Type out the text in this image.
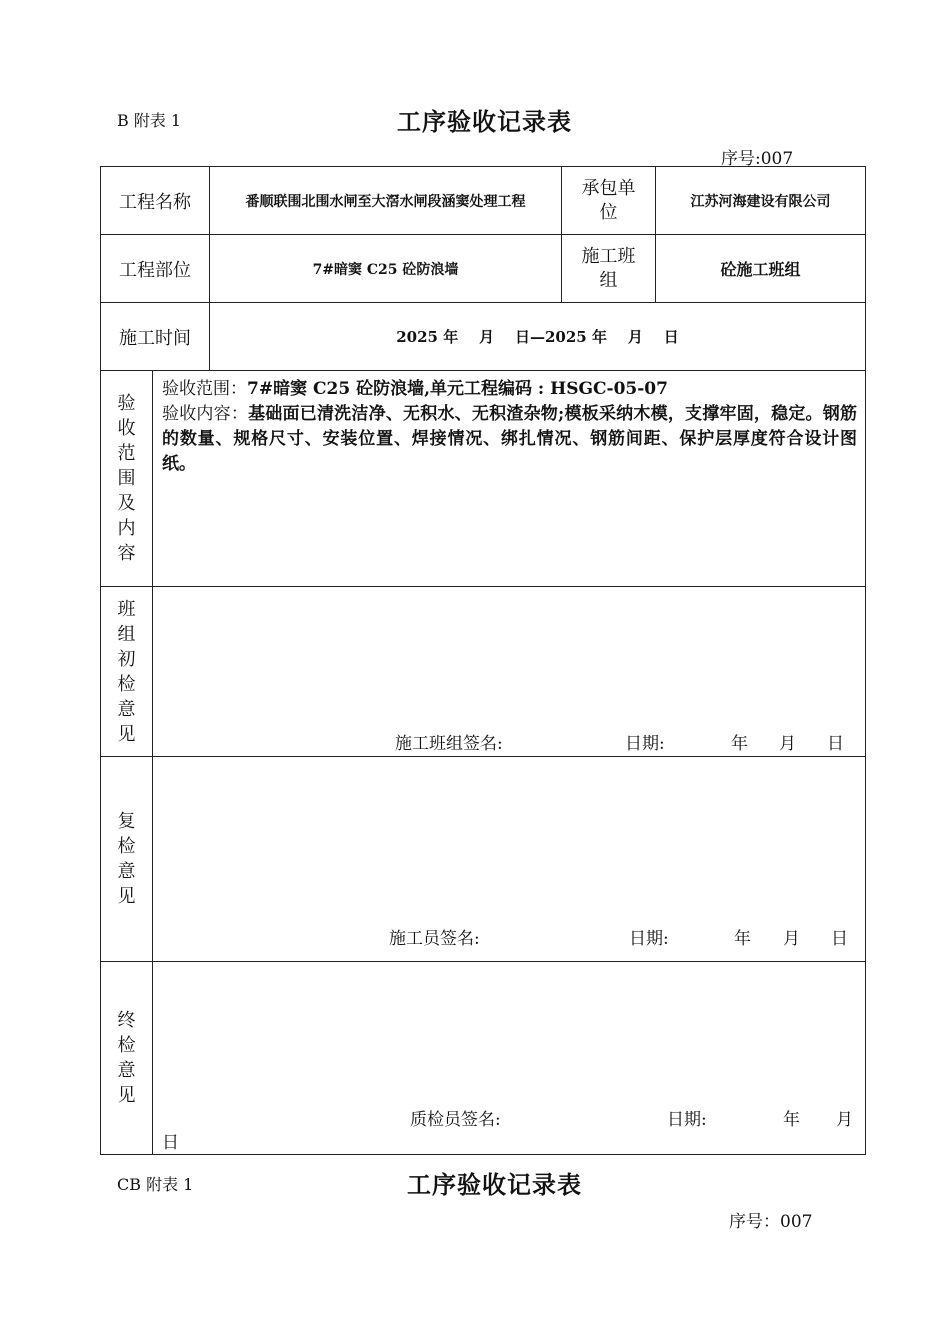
B 附表 1	工序验收记录表
序号:007
工程名称		番顺联围北围水闸至大滘水闸段涵窦处理工程	承包单位	江苏河海建设有限公司
工程部位		7#暗窦 C25 砼防浪墙	施工班组	砼施工班组
施工时间		2025 年    月    日—2025 年    月    日		

验收范围及内容	验收范围：7#暗窦 C25 砼防浪墙,单元工程编码 : HSGC-05-07
验收内容：基础面已清洗洁净、无积水、无积渣杂物;模板采纳木模，支撑牢固，稳定。钢筋的数量、规格尺寸、安装位置、焊接情况、绑扎情况、钢筋间距、保护层厚度符合设计图纸。			

班组初检意见	施工班组签名: 日期: 年 月 日			

复检意见	施工员签名: 日期: 年 月 日			

终检意见	质检员签名: 日期: 年 月
日			
CB 附表 1	工序验收记录表
序号：007
